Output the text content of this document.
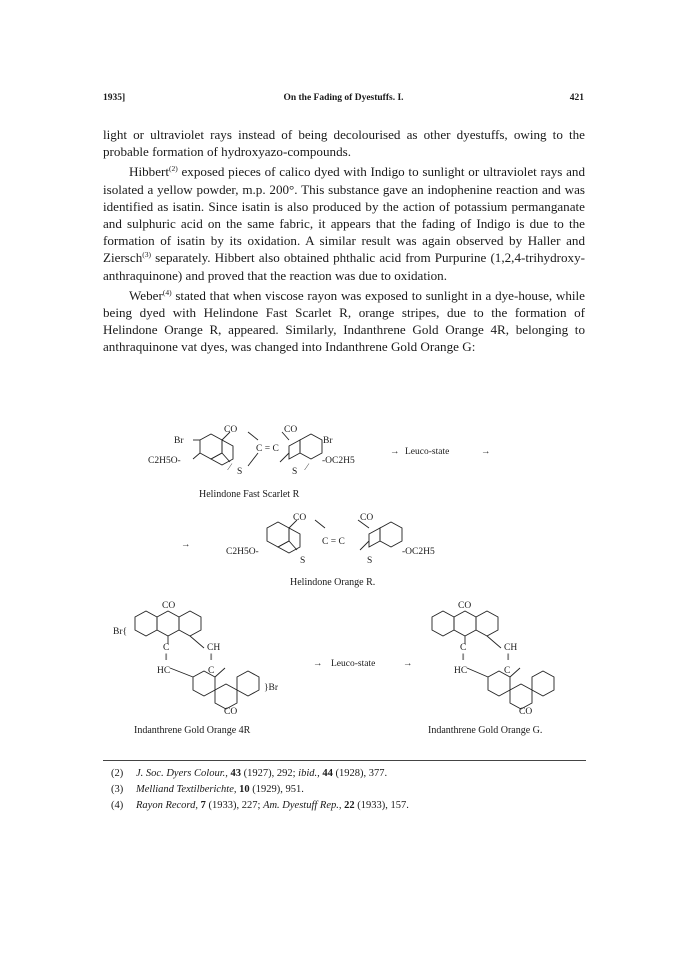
1935]	On the Fading of Dyestuffs. I.	421

light or ultraviolet rays instead of being decolourised as other dyestuffs, owing to the probable formation of hydroxyazo-compounds.

Hibbert$^{(2)}$ exposed pieces of calico dyed with Indigo to sunlight or ultraviolet rays and isolated a yellow powder, m.p. 200°. This substance gave an indophenine reaction and was identified as isatin. Since isatin is also produced by the action of potassium permanganate and sulphuric acid on the same fabric, it appears that the fading of Indigo is due to the formation of isatin by its oxidation. A similar result was again observed by Haller and Ziersch$^{(3)}$ separately. Hibbert also obtained phthalic acid from Purpurine (1,2,4-trihydroxy-anthraquinone) and proved that the reaction was due to oxidation.

Weber$^{(4)}$ stated that when viscose rayon was exposed to sunlight in a dye-house, while being dyed with Helindone Fast Scarlet R, orange stripes, due to the formation of Helindone Orange R, appeared. Similarly, Indanthrene Gold Orange 4R, belonging to anthraquinone vat dyes, was changed into Indanthrene Gold Orange G:

CO	CO
C = C
S	S
Br	Br
C2H5O-	-OC2H5
⁄	⁄
→ Leuco-state	→
Helindone Fast Scarlet R
→
CO	CO
C = C
S	S
C2H5O-	-OC2H5
Helindone Orange R.
CO
C	CH
‖	‖
HC	C
CO
Br{
}Br
→ Leuco-state	→
Indanthrene Gold Orange 4R
CO
C	CH
‖	‖
HC	C
CO
Indanthrene Gold Orange G.
(2) J. Soc. Dyers Colour., 43 (1927), 292; ibid., 44 (1928), 377.
(3) Melliand Textilberichte, 10 (1929), 951.
(4) Rayon Record, 7 (1933), 227; Am. Dyestuff Rep., 22 (1933), 157.
